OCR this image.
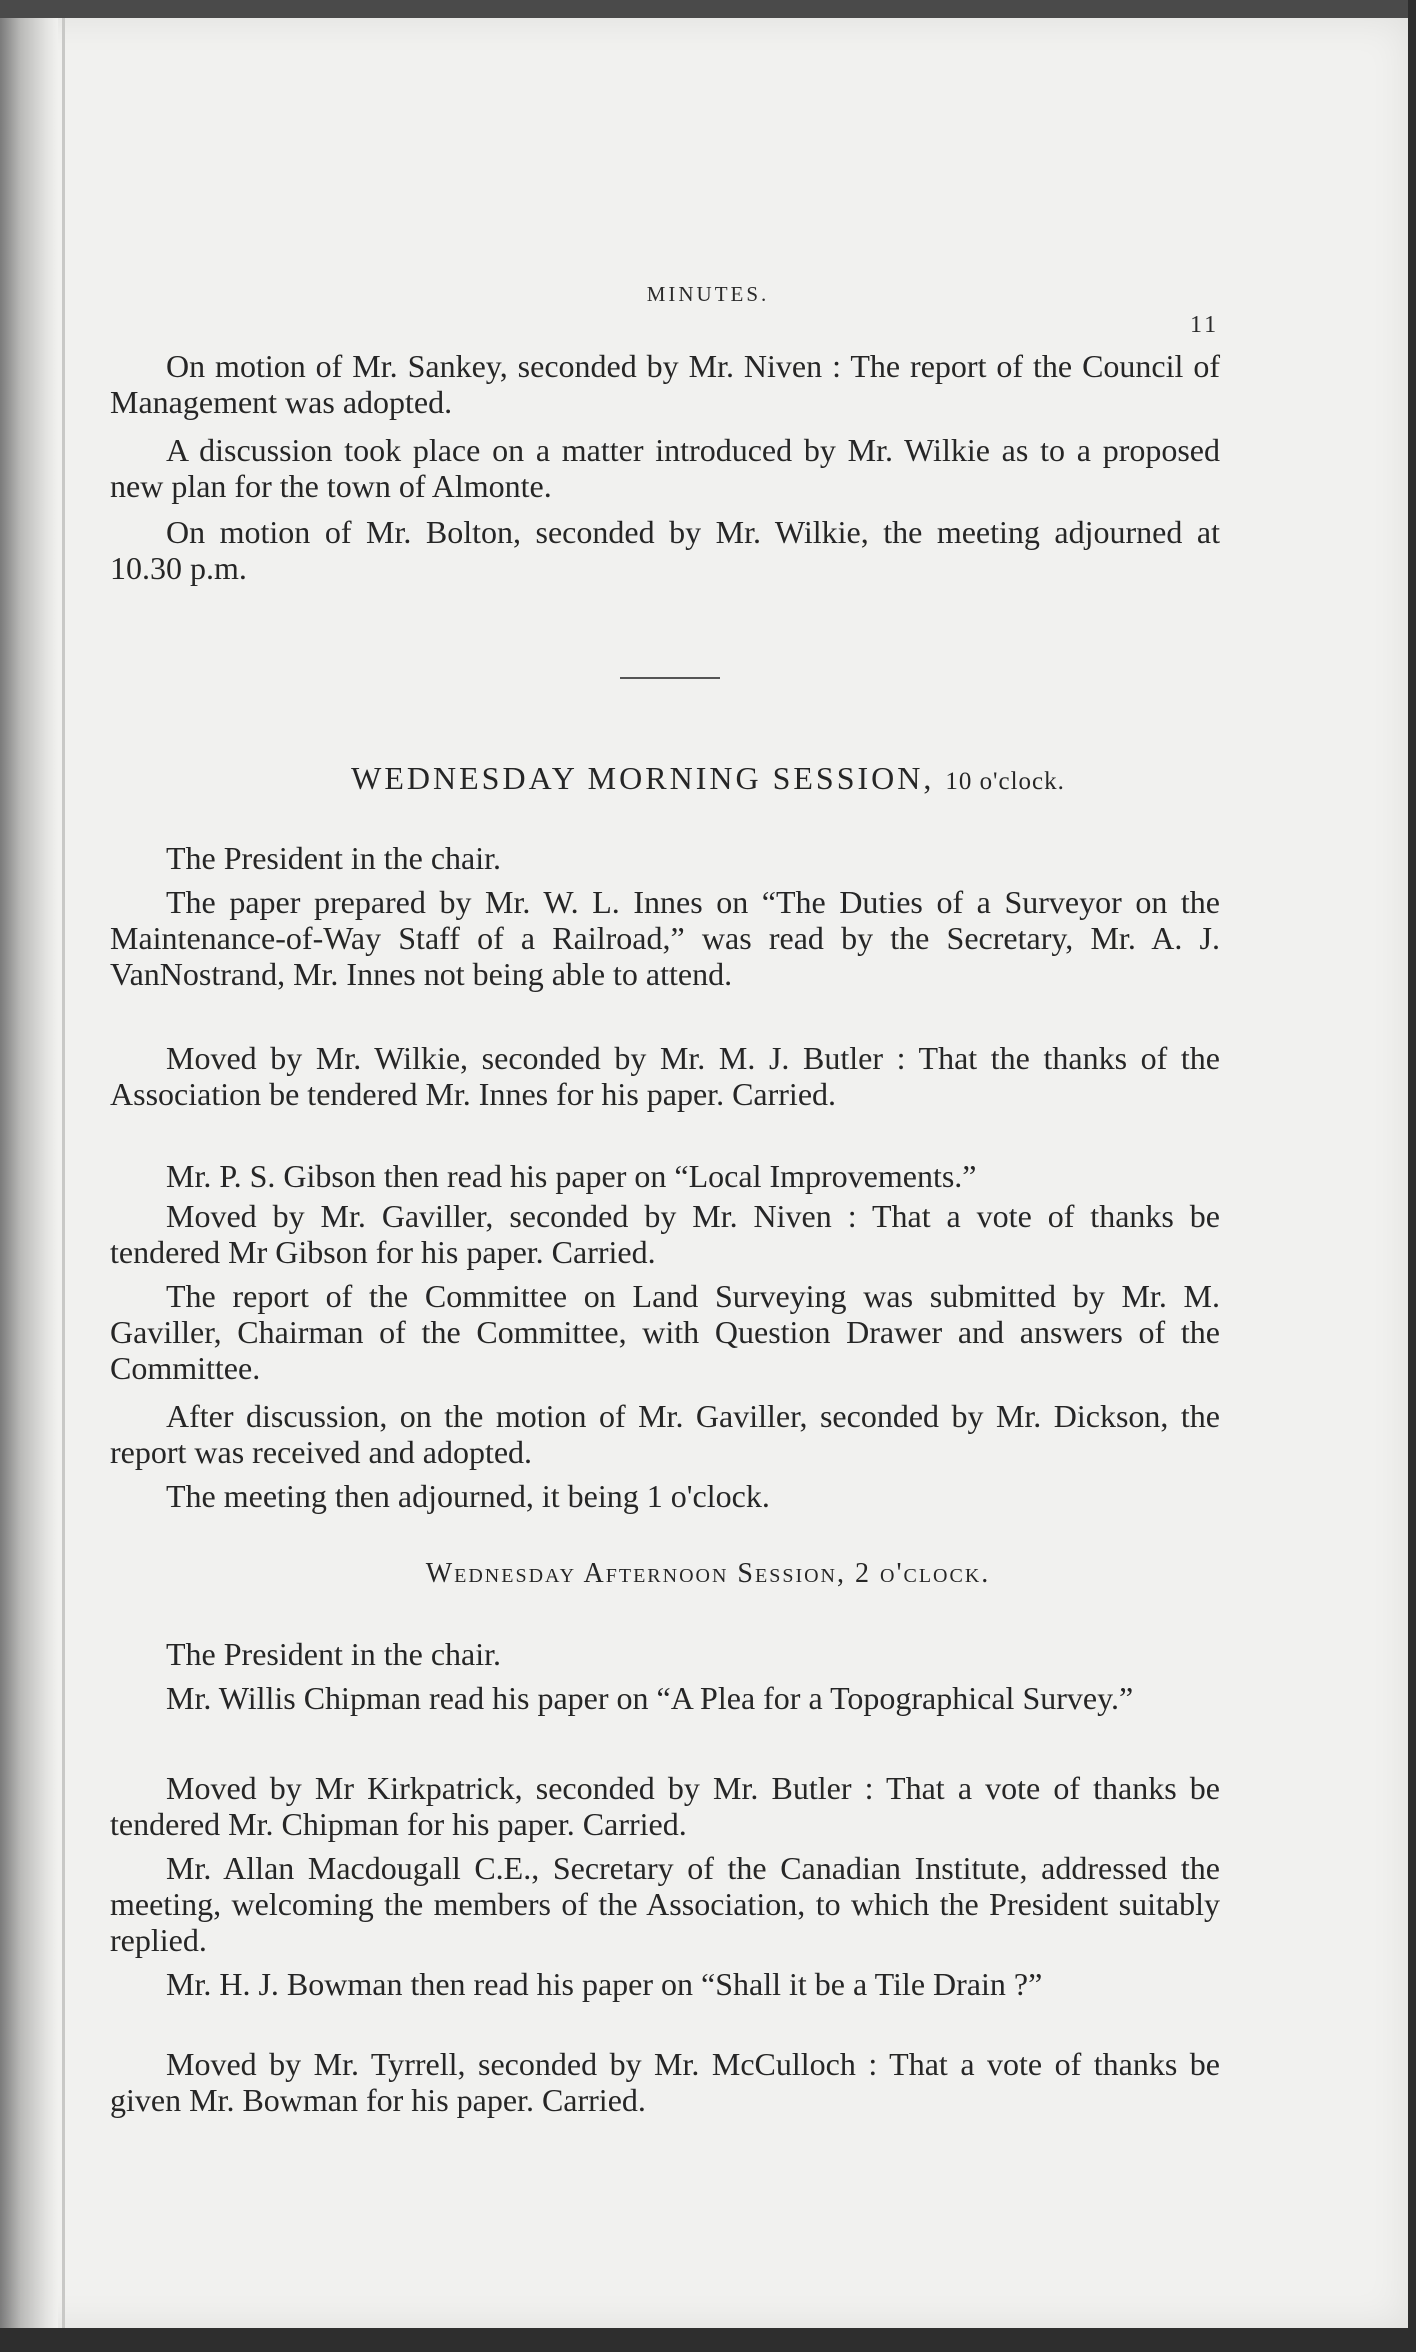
MINUTES.
11

On motion of Mr. Sankey, seconded by Mr. Niven : The report of the Council of Management was adopted.

A discussion took place on a matter introduced by Mr. Wilkie as to a proposed new plan for the town of Almonte.

On motion of Mr. Bolton, seconded by Mr. Wilkie, the meeting adjourned at 10.30 p.m.

WEDNESDAY MORNING SESSION, 10 o'clock.

The President in the chair.

The paper prepared by Mr. W. L. Innes on “The Duties of a Surveyor on the Maintenance-of-Way Staff of a Railroad,” was read by the Secretary, Mr. A. J. VanNostrand, Mr. Innes not being able to attend.

Moved by Mr. Wilkie, seconded by Mr. M. J. Butler : That the thanks of the Association be tendered Mr. Innes for his paper. Carried.

Mr. P. S. Gibson then read his paper on “Local Improvements.”

Moved by Mr. Gaviller, seconded by Mr. Niven : That a vote of thanks be tendered Mr Gibson for his paper. Carried.

The report of the Committee on Land Surveying was submitted by Mr. M. Gaviller, Chairman of the Committee, with Question Drawer and answers of the Committee.

After discussion, on the motion of Mr. Gaviller, seconded by Mr. Dickson, the report was received and adopted.

The meeting then adjourned, it being 1 o'clock.

Wednesday Afternoon Session, 2 o'clock.

The President in the chair.

Mr. Willis Chipman read his paper on “A Plea for a Topographical Survey.”

Moved by Mr Kirkpatrick, seconded by Mr. Butler : That a vote of thanks be tendered Mr. Chipman for his paper. Carried.

Mr. Allan Macdougall C.E., Secretary of the Canadian Institute, addressed the meeting, welcoming the members of the Association, to which the President suitably replied.

Mr. H. J. Bowman then read his paper on “Shall it be a Tile Drain ?”

Moved by Mr. Tyrrell, seconded by Mr. McCulloch : That a vote of thanks be given Mr. Bowman for his paper. Carried.
